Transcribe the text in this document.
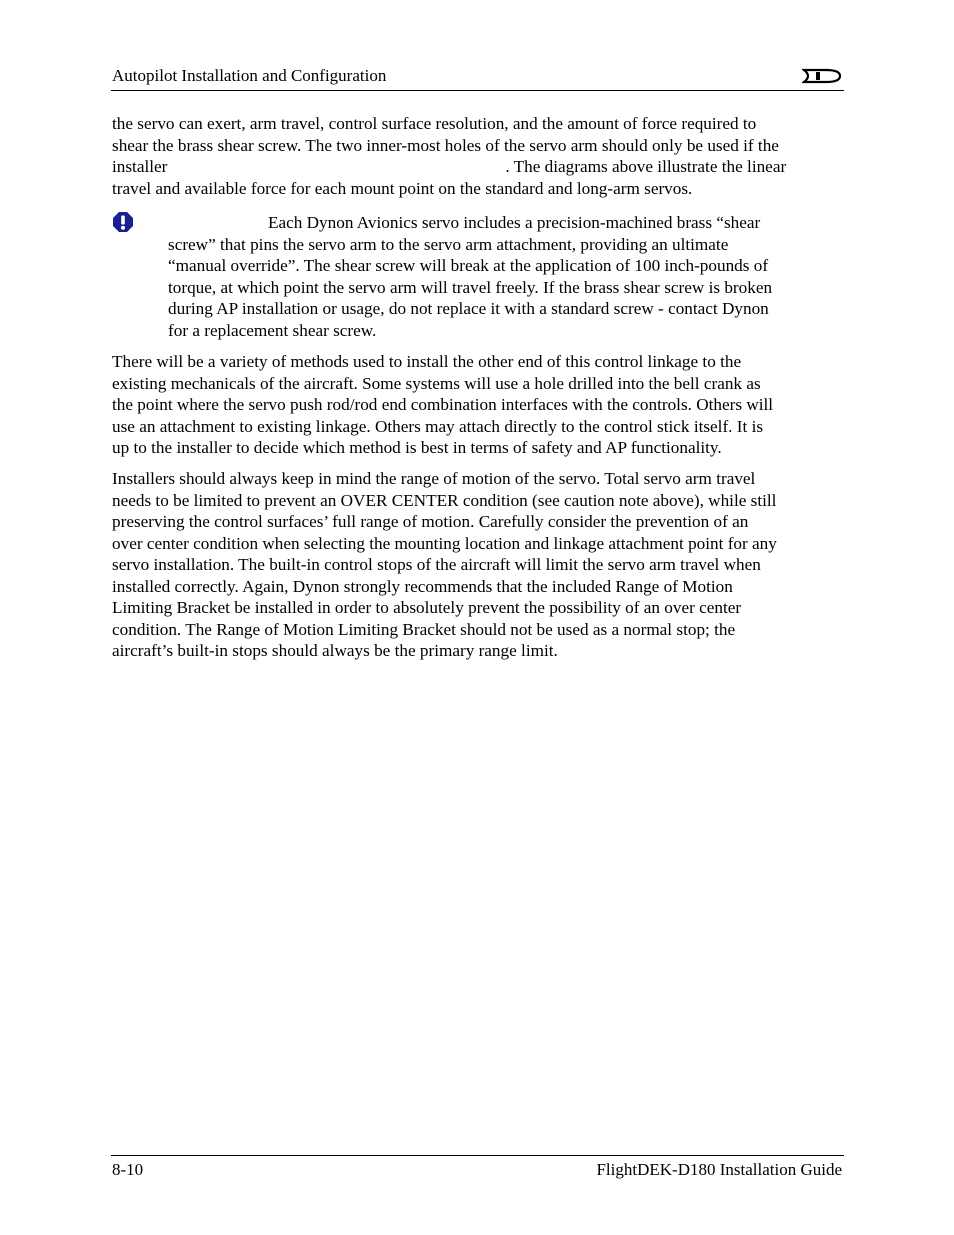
Autopilot Installation and Configuration
the servo can exert, arm travel, control surface resolution, and the amount of force required to
shear the brass shear screw. The two inner-most holes of the servo arm should only be used if the
installer	. The diagrams above illustrate the linear
travel and available force for each mount point on the standard and long-arm servos.
Each Dynon Avionics servo includes a precision-machined brass “shear
screw” that pins the servo arm to the servo arm attachment, providing an ultimate
“manual override”. The shear screw will break at the application of 100 inch-pounds of
torque, at which point the servo arm will travel freely. If the brass shear screw is broken
during AP installation or usage, do not replace it with a standard screw - contact Dynon
for a replacement shear screw.
There will be a variety of methods used to install the other end of this control linkage to the
existing mechanicals of the aircraft. Some systems will use a hole drilled into the bell crank as
the point where the servo push rod/rod end combination interfaces with the controls. Others will
use an attachment to existing linkage. Others may attach directly to the control stick itself. It is
up to the installer to decide which method is best in terms of safety and AP functionality.
Installers should always keep in mind the range of motion of the servo. Total servo arm travel
needs to be limited to prevent an OVER CENTER condition (see caution note above), while still
preserving the control surfaces’ full range of motion. Carefully consider the prevention of an
over center condition when selecting the mounting location and linkage attachment point for any
servo installation. The built-in control stops of the aircraft will limit the servo arm travel when
installed correctly. Again, Dynon strongly recommends that the included Range of Motion
Limiting Bracket be installed in order to absolutely prevent the possibility of an over center
condition. The Range of Motion Limiting Bracket should not be used as a normal stop; the
aircraft’s built-in stops should always be the primary range limit.
8-10	FlightDEK-D180 Installation Guide
